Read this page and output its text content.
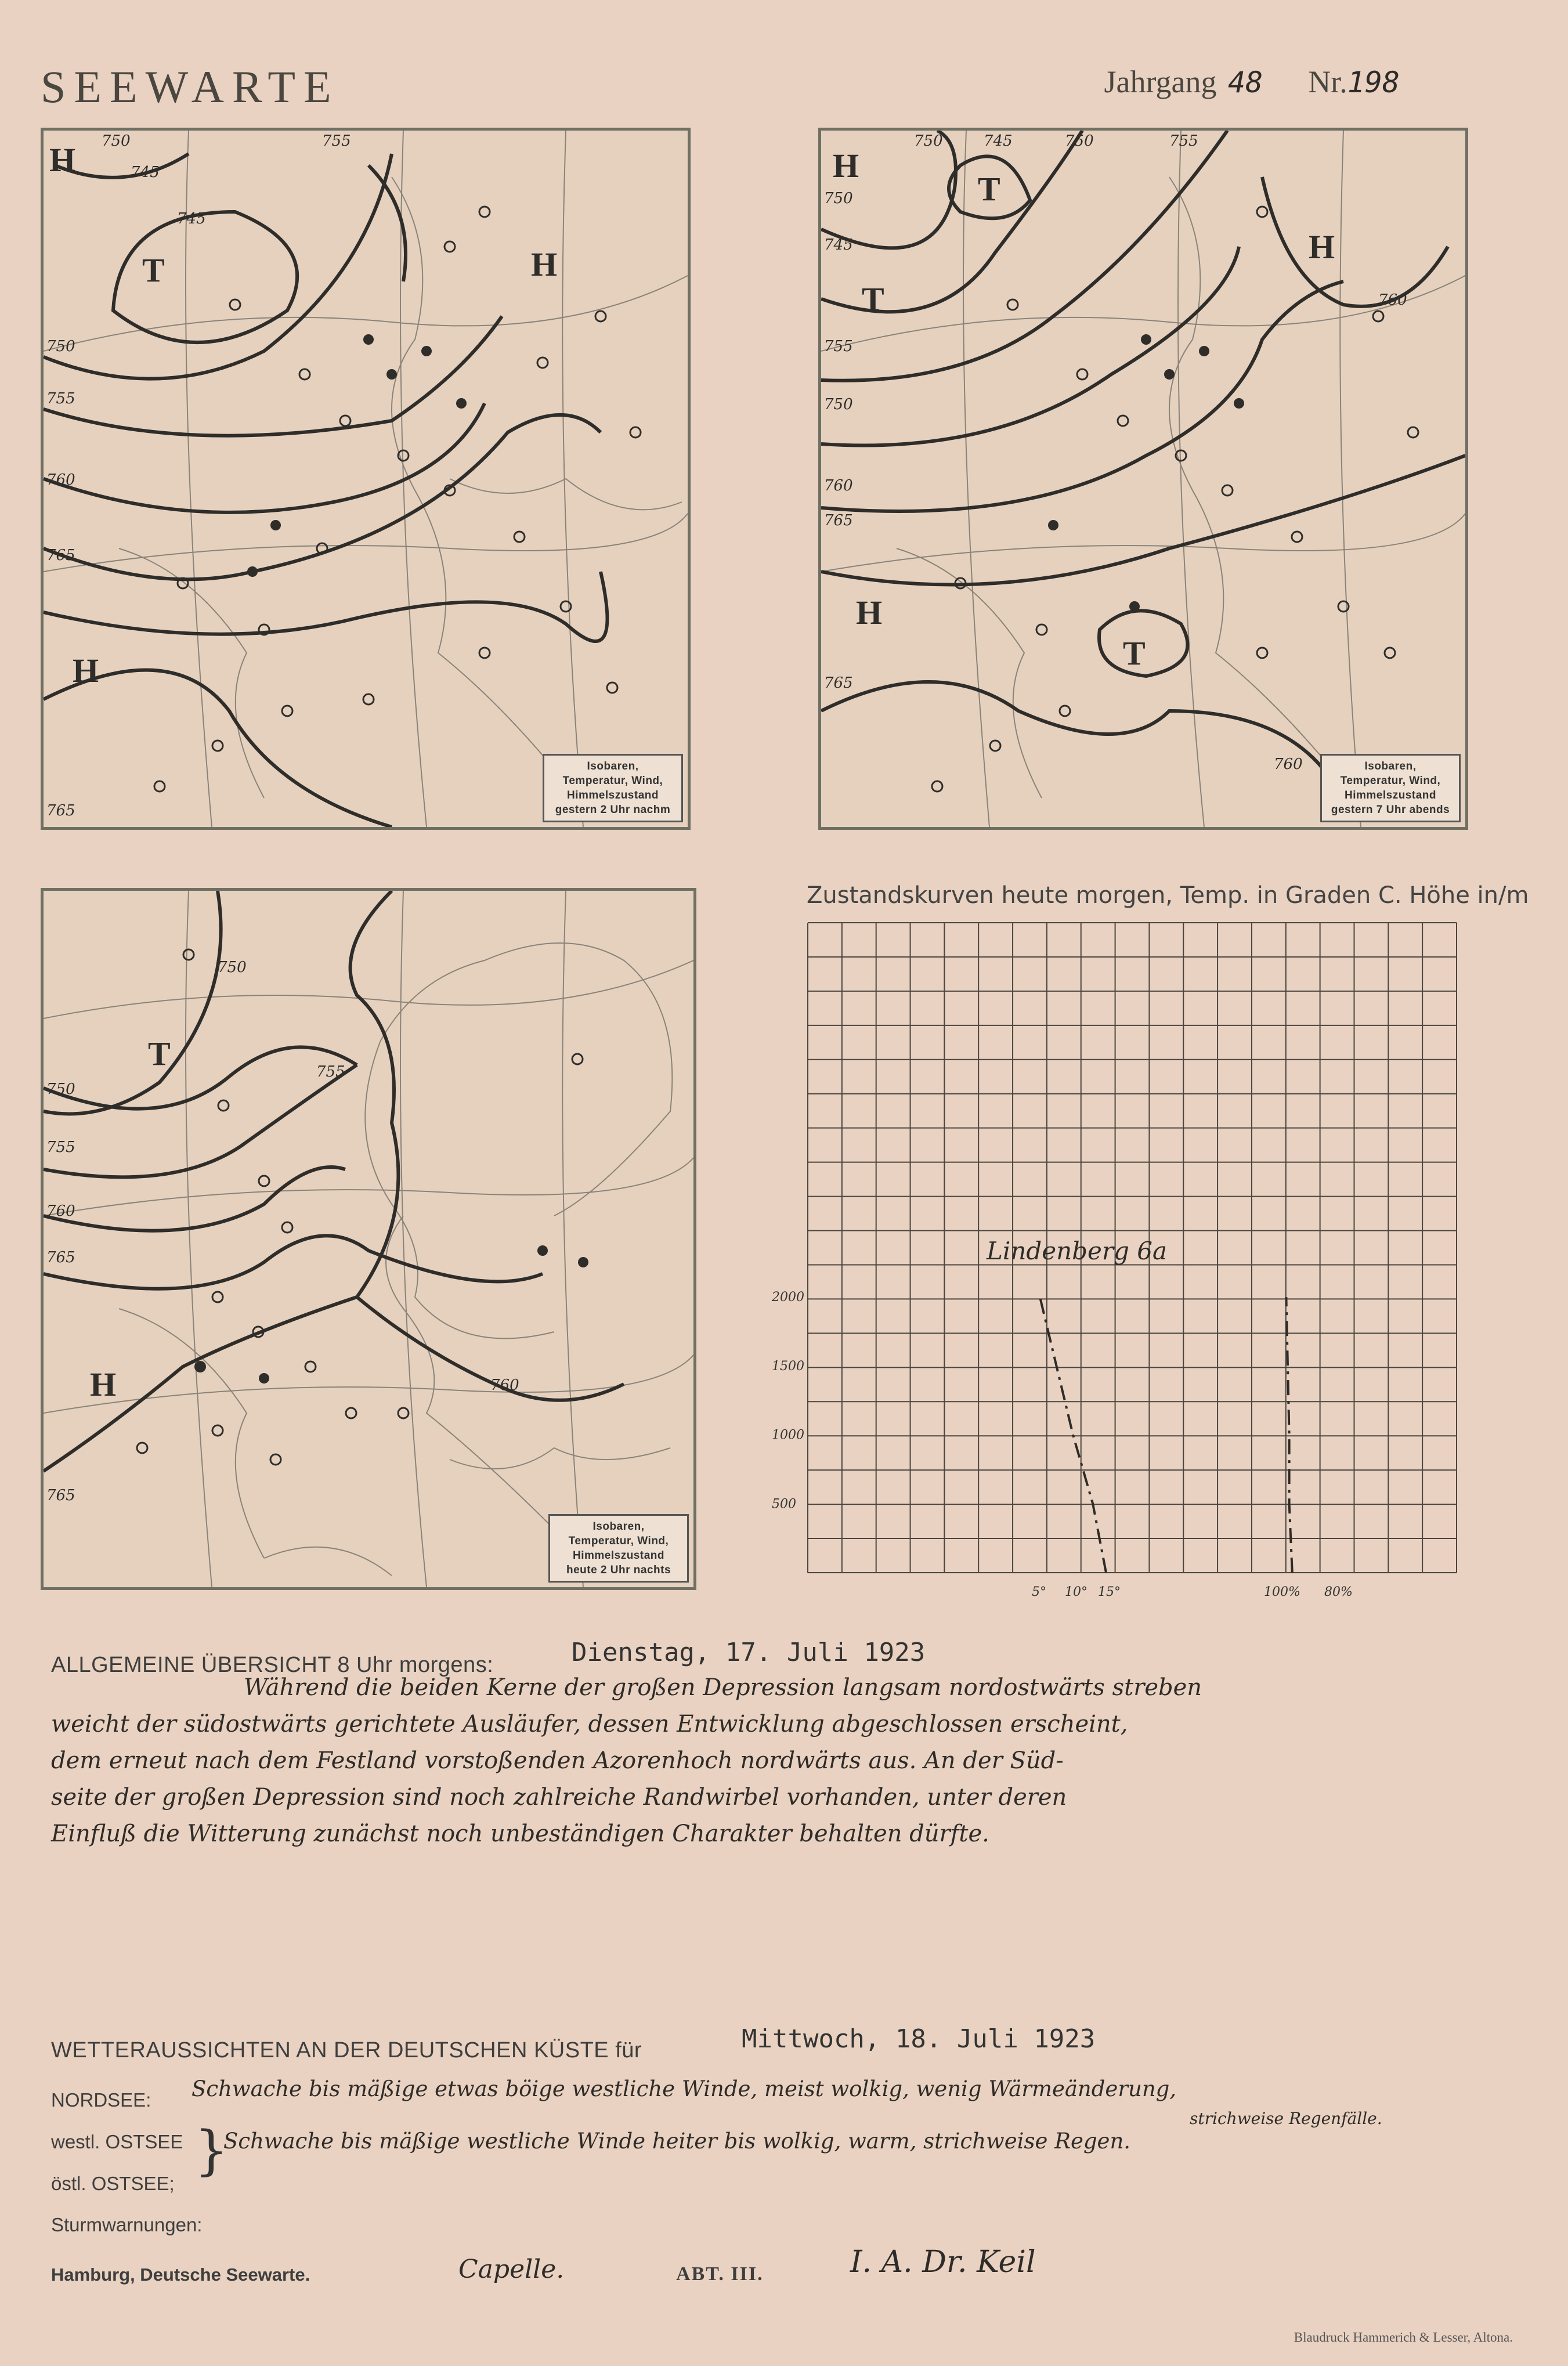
SEEWARTE	Jahrgang 48 Nr.198
750	755
745
745
750
755
760
765
765
H
T	H
H
Isobaren,
Temperatur, Wind,
Himmelszustand
gestern 2 Uhr nachm
750	745	750	755
750
745
750
755
760
765
760
765
760
H
T
T
H
H
T
Isobaren,
Temperatur, Wind,
Himmelszustand
gestern 7 Uhr abends
750
755
750
755
760
765
760
765
T
H
Isobaren,
Temperatur, Wind,
Himmelszustand
heute 2 Uhr nachts
Zustandskurven heute morgen, Temp. in Graden C. Höhe in/m
2000
1500
1000
500
5° 10° 15°	100% 80%
Lindenberg 6a
ALLGEMEINE ÜBERSICHT 8 Uhr morgens:	Dienstag, 17. Juli 1923
Während die beiden Kerne der großen Depression langsam nordostwärts streben
weicht der südostwärts gerichtete Ausläufer, dessen Entwicklung abgeschlossen erscheint,
dem erneut nach dem Festland vorstoßenden Azorenhoch nordwärts aus. An der Süd-
seite der großen Depression sind noch zahlreiche Randwirbel vorhanden, unter deren
Einfluß die Witterung zunächst noch unbeständigen Charakter behalten dürfte.
WETTERAUSSICHTEN AN DER DEUTSCHEN KÜSTE für	Mittwoch, 18. Juli 1923
NORDSEE: Schwache bis mäßige etwas böige westliche Winde, meist wolkig, wenig Wärmeänderung,
strichweise Regenfälle.
westl. OSTSEE }
Schwache bis mäßige westliche Winde heiter bis wolkig, warm, strichweise Regen.
östl. OSTSEE;
Sturmwarnungen:
Hamburg, Deutsche Seewarte.	Capelle.	ABT. III.	I. A. Dr. Keil
Blaudruck Hammerich & Lesser, Altona.
